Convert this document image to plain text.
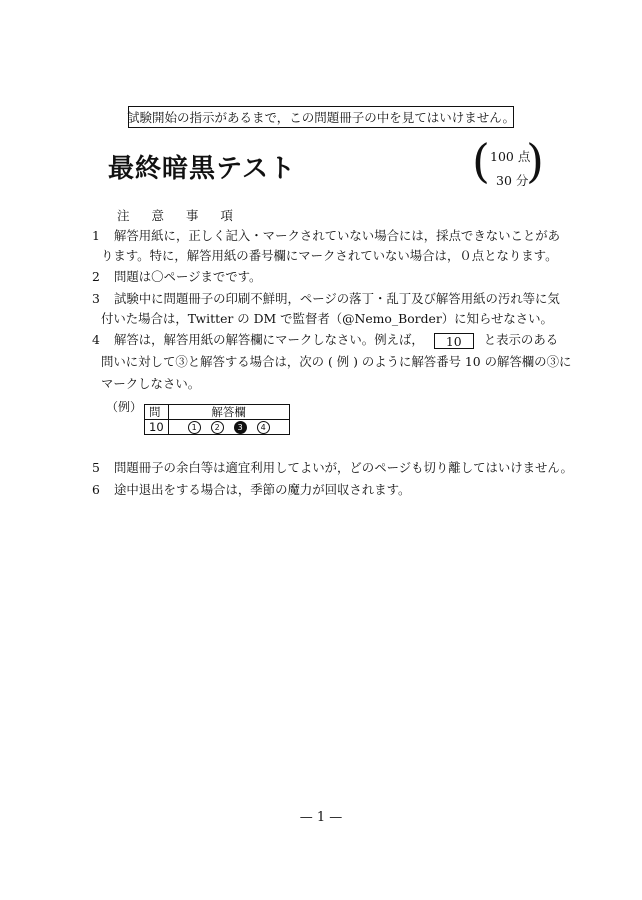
試験開始の指示があるまで，この問題冊子の中を見てはいけません。
最終暗黒テスト	( 100 点
30 分
)
注 意 事 項
1 解答用紙に，正しく記入・マークされていない場合には，採点できないことがあ
ります。特に，解答用紙の番号欄にマークされていない場合は，０点となります。
2 問題は〇ページまでです。
3 試験中に問題冊子の印刷不鮮明，ページの落丁・乱丁及び解答用紙の汚れ等に気
付いた場合は，Twitter の DM で監督者（@Nemo_Border）に知らせなさい。
4 解答は，解答用紙の解答欄にマークしなさい。例えば， 10 と表示のある
問いに対して③と解答する場合は，次の ( 例 ) のように解答番号 10 の解答欄の③に
マークしなさい。
（例） 問	解答欄
10	1 2 3 4
5 問題冊子の余白等は適宜利用してよいが，どのページも切り離してはいけません。
6 途中退出をする場合は，季節の魔力が回収されます。
— 1 —
